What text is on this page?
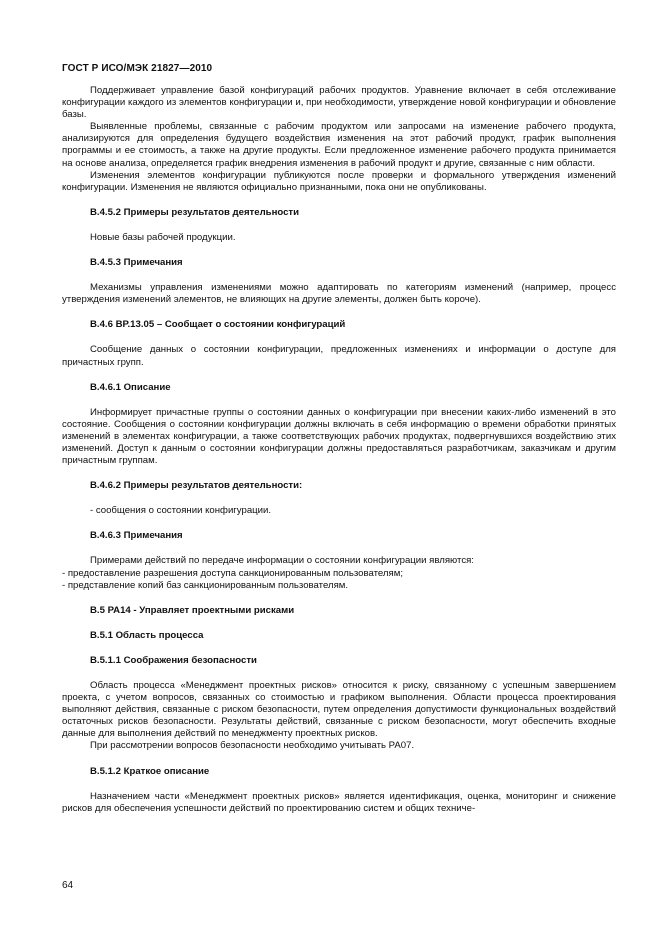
ГОСТ Р ИСО/МЭК 21827—2010

Поддерживает управление базой конфигураций рабочих продуктов. Уравнение включает в себя отслеживание конфигурации каждого из элементов конфигурации и, при необходимости, утверждение новой конфигурации и обновление базы.

Выявленные проблемы, связанные с рабочим продуктом или запросами на изменение рабочего продукта, анализируются для определения будущего воздействия изменения на этот рабочий продукт, график выполнения программы и ее стоимость, а также на другие продукты. Если предложенное изменение рабочего продукта принимается на основе анализа, определяется график внедрения изменения в рабочий продукт и другие, связанные с ним области.

Изменения элементов конфигурации публикуются после проверки и формального утверждения изменений конфигурации. Изменения не являются официально признанными, пока они не опубликованы.

В.4.5.2 Примеры результатов деятельности

Новые базы рабочей продукции.

В.4.5.3 Примечания

Механизмы управления изменениями можно адаптировать по категориям изменений (например, процесс утверждения изменений элементов, не влияющих на другие элементы, должен быть короче).

В.4.6 ВР.13.05 – Сообщает о состоянии конфигураций

Сообщение данных о состоянии конфигурации, предложенных изменениях и информации о доступе для причастных групп.

В.4.6.1 Описание

Информирует причастные группы о состоянии данных о конфигурации при внесении каких-либо изменений в это состояние. Сообщения о состоянии конфигурации должны включать в себя информацию о времени обработки принятых изменений в элементах конфигурации, а также соответствующих рабочих продуктах, подвергнувшихся воздействию этих изменений. Доступ к данным о состоянии конфигурации должны предоставляться разработчикам, заказчикам и другим причастным группам.

В.4.6.2 Примеры результатов деятельности:

- сообщения о состоянии конфигурации.

В.4.6.3 Примечания

Примерами действий по передаче информации о состоянии конфигурации являются:

- предоставление разрешения доступа санкционированным пользователям;

- представление копий баз санкционированным пользователям.

В.5 РА14 - Управляет проектными рисками
В.5.1 Область процесса
В.5.1.1 Соображения безопасности

Область процесса «Менеджмент проектных рисков» относится к риску, связанному с успешным завершением проекта, с учетом вопросов, связанных со стоимостью и графиком выполнения. Области процесса проектирования выполняют действия, связанные с риском безопасности, путем определения допустимости функциональных воздействий остаточных рисков безопасности. Результаты действий, связанные с риском безопасности, могут обеспечить входные данные для выполнения действий по менеджменту проектных рисков.

При рассмотрении вопросов безопасности необходимо учитывать РА07.

В.5.1.2 Краткое описание

Назначением части «Менеджмент проектных рисков» является идентификация, оценка, мониторинг и снижение рисков для обеспечения успешности действий по проектированию систем и общих техниче-

64
